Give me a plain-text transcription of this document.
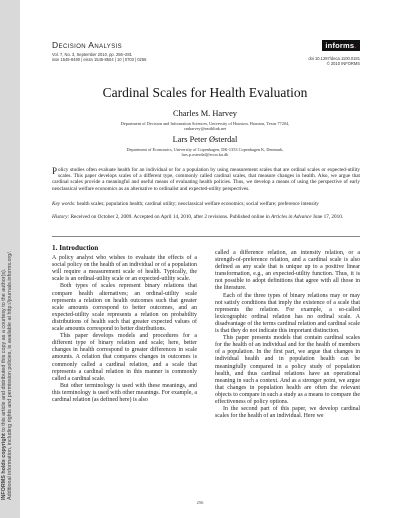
INFORMS holds copyright to this article and distributed this copy as a courtesy to the author(s). Additional information, including rights and permission policies, is available at http://journals.informs.org/.
Decision Analysis
Vol. 7, No. 3, September 2010, pp. 256–281
issn 1545-8490 | eissn 1545-8504 | 10 | 0703 | 0256
informs.
doi 10.1287/deca.1100.0181
© 2010 INFORMS
Cardinal Scales for Health Evaluation
Charles M. Harvey
Department of Decision and Information Sciences, University of Houston, Houston, Texas 77204,
cmharvey@earthlink.net
Lars Peter Østerdal
Department of Economics, University of Copenhagen, DK-1353 Copenhagen K, Denmark,
lars.p.osterdal@econ.ku.dk
Policy studies often evaluate health for an individual or for a population by using measurement scales that are ordinal scales or expected-utility scales. This paper develops scales of a different type, commonly called cardinal scales, that measure changes in health. Also, we argue that cardinal scales provide a meaningful and useful means of evaluating health policies. Thus, we develop a means of using the perspective of early neoclassical welfare economics as an alternative to ordinalist and expected-utility perspectives.
Key words: health scales; population health; cardinal utility; neoclassical welfare economics; social welfare; preference intensity
History: Received on October 2, 2009. Accepted on April 14, 2010, after 2 revisions. Published online in Articles in Advance June 17, 2010.
1. Introduction

A policy analyst who wishes to evaluate the effects of a social policy on the health of an individual or of a population will require a measurement scale of health. Typically, the scale is an ordinal-utility scale or an expected-utility scale.

Both types of scales represent binary relations that compare health alternatives; an ordinal-utility scale represents a relation on health outcomes such that greater scale amounts correspond to better outcomes, and an expected-utility scale represents a relation on probability distributions of health such that greater expected values of scale amounts correspond to better distributions.

This paper develops models and procedures for a different type of binary relation and scale; here, better changes in health correspond to greater differences in scale amounts. A relation that compares changes in outcomes is commonly called a cardinal relation, and a scale that represents a cardinal relation in this manner is commonly called a cardinal scale.

But other terminology is used with these meanings, and this terminology is used with other meanings. For example, a cardinal relation (as defined here) is also

called a difference relation, an intensity relation, or a strength-of-preference relation, and a cardinal scale is also defined as any scale that is unique up to a positive linear transformation, e.g., an expected-utility function. Thus, it is not possible to adopt definitions that agree with all those in the literature.

Each of the three types of binary relations may or may not satisfy conditions that imply the existence of a scale that represents the relation. For example, a so-called lexicographic ordinal relation has no ordinal scale. A disadvantage of the terms cardinal relation and cardinal scale is that they do not indicate this important distinction.

This paper presents models that contain cardinal scales for the health of an individual and for the health of members of a population. In the first part, we argue that changes in individual health and in population health can be meaningfully compared in a policy study of population health, and thus cardinal relations have an operational meaning in such a context. And as a stronger point, we argue that changes in population health are often the relevant objects to compare in such a study as a means to compare the effectiveness of policy options.

In the second part of this paper, we develop cardinal scales for the health of an individual. Here we

256
